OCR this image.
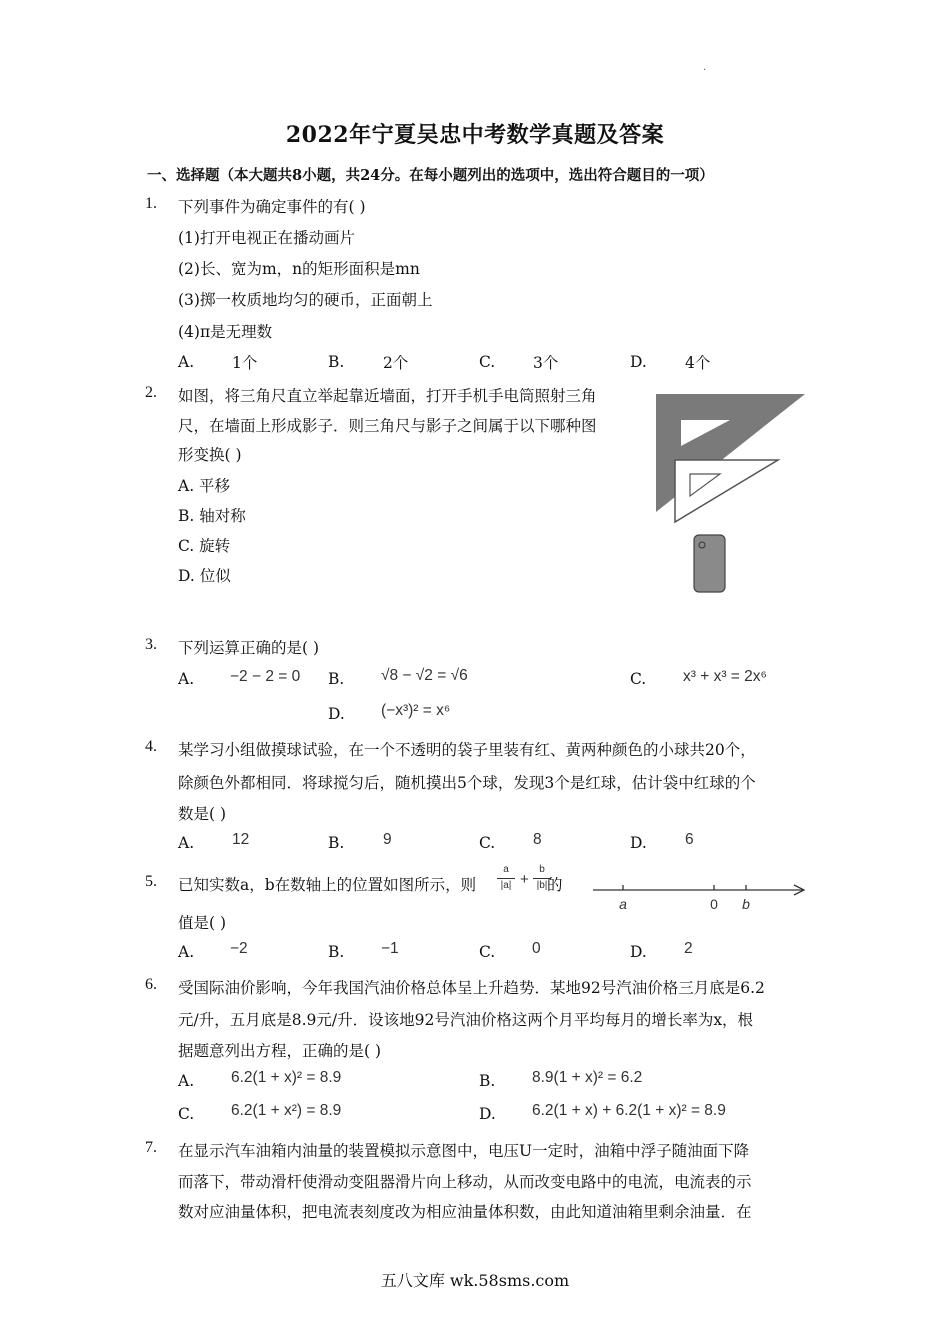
.
2022年宁夏吴忠中考数学真题及答案
一、选择题（本大题共8小题，共24分。在每小题列出的选项中，选出符合题目的一项）
1. 下列事件为确定事件的有( )
(1)打开电视正在播动画片
(2)长、宽为m，n的矩形面积是mn
(3)掷一枚质地均匀的硬币，正面朝上
(4)π是无理数
A. 1个	B. 2个	C. 3个	D. 4个
2. 如图，将三角尺直立举起靠近墙面，打开手机手电筒照射三角
尺，在墙面上形成影子．则三角尺与影子之间属于以下哪种图
形变换( )
A. 平移
B. 轴对称
C. 旋转
D. 位似
3. 下列运算正确的是( )
A. −2 − 2 = 0 B. √8 − √2 = √6	C. x³ + x³ = 2x⁶
D. (−x³)² = x⁶
4. 某学习小组做摸球试验，在一个不透明的袋子里装有红、黄两种颜色的小球共20个，
除颜色外都相同．将球搅匀后，随机摸出5个球，发现3个是红球，估计袋中红球的个
数是( )
A. 12	B. 9	C. 8	D. 6
5. 已知实数a，b在数轴上的位置如图所示，则
a
|a| +
b
|b| 的
值是( )
a	0 b
A. −2	B. −1	C. 0	D. 2
6. 受国际油价影响，今年我国汽油价格总体呈上升趋势．某地92号汽油价格三月底是6.2
元/升，五月底是8.9元/升．设该地92号汽油价格这两个月平均每月的增长率为x，根
据题意列出方程，正确的是( )
A. 6.2(1 + x)² = 8.9	B. 8.9(1 + x)² = 6.2
C. 6.2(1 + x²) = 8.9	D. 6.2(1 + x) + 6.2(1 + x)² = 8.9
7. 在显示汽车油箱内油量的装置模拟示意图中，电压U一定时，油箱中浮子随油面下降
而落下，带动滑杆使滑动变阻器滑片向上移动，从而改变电路中的电流，电流表的示
数对应油量体积，把电流表刻度改为相应油量体积数，由此知道油箱里剩余油量．在
五八文库 wk.58sms.com
